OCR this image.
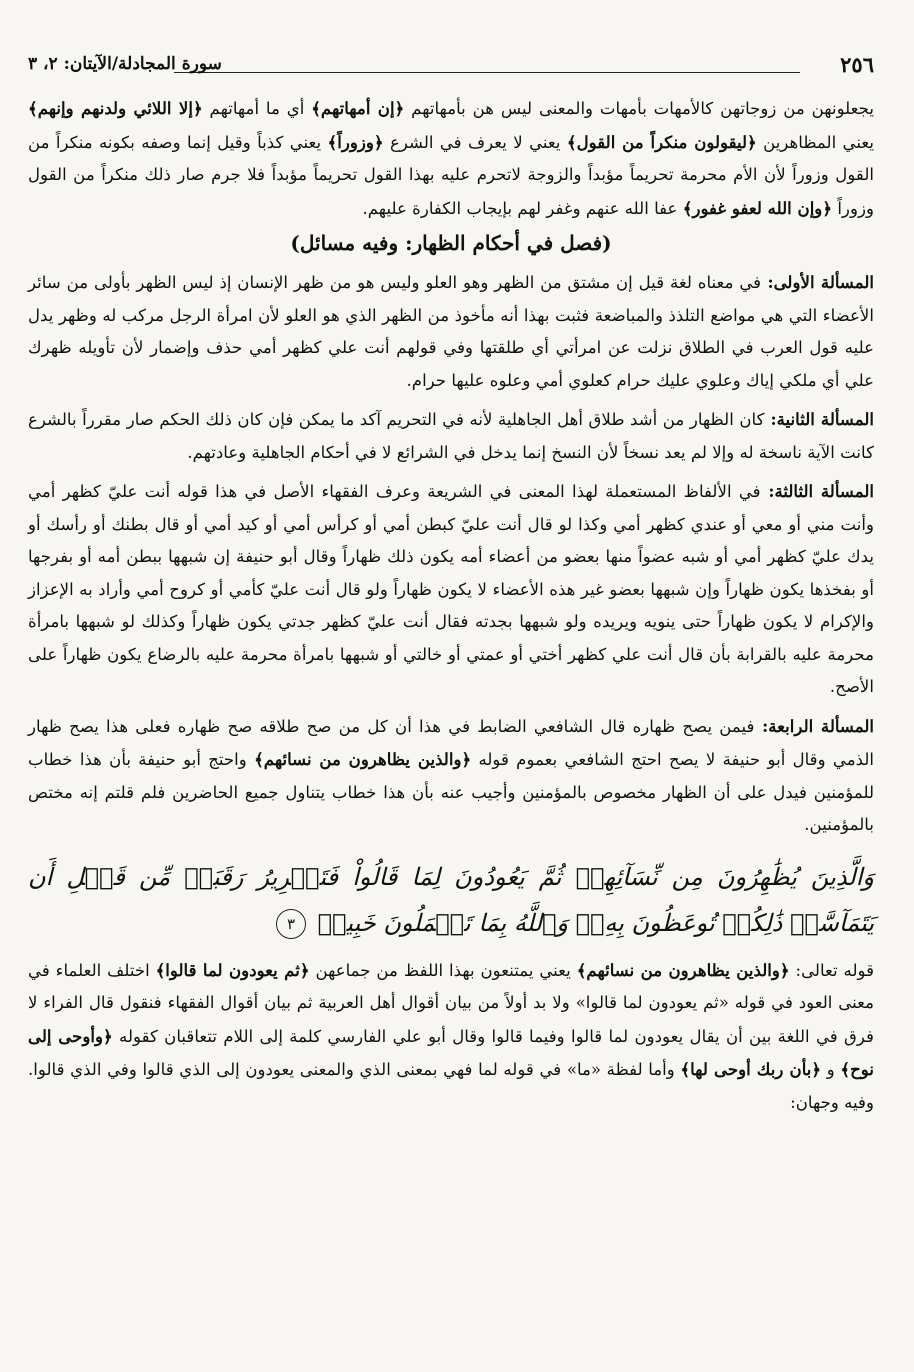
٢٥٦
سورة المجادلة/الآيتان: ٢، ٣

يجعلونهن من زوجاتهن كالأمهات بأمهات والمعنى ليس هن بأمهاتهم ﴿إن أمهاتهم﴾ أي ما أمهاتهم ﴿إلا اللائي ولدنهم وإنهم﴾ يعني المظاهرين ﴿ليقولون منكراً من القول﴾ يعني لا يعرف في الشرع ﴿وزوراً﴾ يعني كذباً وقيل إنما وصفه بكونه منكراً من القول وزوراً لأن الأم محرمة تحريماً مؤبداً والزوجة لاتحرم عليه بهذا القول تحريماً مؤبداً فلا جرم صار ذلك منكراً من القول وزوراً ﴿وإن الله لعفو غفور﴾ عفا الله عنهم وغفر لهم بإيجاب الكفارة عليهم.

(فصل في أحكام الظهار: وفيه مسائل)

المسألة الأولى: في معناه لغة قيل إن مشتق من الظهر وهو العلو وليس هو من ظهر الإنسان إذ ليس الظهر بأولى من سائر الأعضاء التي هي مواضع التلذذ والمباضعة فثبت بهذا أنه مأخوذ من الظهر الذي هو العلو لأن امرأة الرجل مركب له وظهر يدل عليه قول العرب في الطلاق نزلت عن امرأتي أي طلقتها وفي قولهم أنت علي كظهر أمي حذف وإضمار لأن تأويله ظهرك علي أي ملكي إياك وعلوي عليك حرام كعلوي أمي وعلوه عليها حرام.

المسألة الثانية: كان الظهار من أشد طلاق أهل الجاهلية لأنه في التحريم آكد ما يمكن فإن كان ذلك الحكم صار مقرراً بالشرع كانت الآية ناسخة له وإلا لم يعد نسخاً لأن النسخ إنما يدخل في الشرائع لا في أحكام الجاهلية وعادتهم.

المسألة الثالثة: في الألفاظ المستعملة لهذا المعنى في الشريعة وعرف الفقهاء الأصل في هذا قوله أنت عليّ كظهر أمي وأنت مني أو معي أو عندي كظهر أمي وكذا لو قال أنت عليّ كبطن أمي أو كرأس أمي أو كيد أمي أو قال بطنك أو رأسك أو يدك عليّ كظهر أمي أو شبه عضواً منها بعضو من أعضاء أمه يكون ذلك ظهاراً وقال أبو حنيفة إن شبهها ببطن أمه أو بفرجها أو بفخذها يكون ظهاراً وإن شبهها بعضو غير هذه الأعضاء لا يكون ظهاراً ولو قال أنت عليّ كأمي أو كروح أمي وأراد به الإعزاز والإكرام لا يكون ظهاراً حتى ينويه ويريده ولو شبهها بجدته فقال أنت عليّ كظهر جدتي يكون ظهاراً وكذلك لو شبهها بامرأة محرمة عليه بالقرابة بأن قال أنت علي كظهر أختي أو عمتي أو خالتي أو شبهها بامرأة محرمة عليه بالرضاع يكون ظهاراً على الأصح.

المسألة الرابعة: فيمن يصح ظهاره قال الشافعي الضابط في هذا أن كل من صح طلاقه صح ظهاره فعلى هذا يصح ظهار الذمي وقال أبو حنيفة لا يصح احتج الشافعي بعموم قوله ﴿والذين يظاهرون من نسائهم﴾ واحتج أبو حنيفة بأن هذا خطاب للمؤمنين فيدل على أن الظهار مخصوص بالمؤمنين وأجيب عنه بأن هذا خطاب يتناول جميع الحاضرين فلم قلتم إنه مختص بالمؤمنين.

وَالَّذِينَ يُظَٰهِرُونَ مِن نِّسَآئِهِمۡ ثُمَّ يَعُودُونَ لِمَا قَالُواْ فَتَحۡرِيرُ رَقَبَةٖ مِّن قَبۡلِ أَن يَتَمَآسَّاۚ ذَٰلِكُمۡ تُوعَظُونَ بِهِۦۚ وَٱللَّهُ بِمَا تَعۡمَلُونَ خَبِيرٞ ٣

قوله تعالى: ﴿والذين يظاهرون من نسائهم﴾ يعني يمتنعون بهذا اللفظ من جماعهن ﴿ثم يعودون لما قالوا﴾ اختلف العلماء في معنى العود في قوله «ثم يعودون لما قالوا» ولا بد أولاً من بيان أقوال أهل العربية ثم بيان أقوال الفقهاء فنقول قال الفراء لا فرق في اللغة بين أن يقال يعودون لما قالوا وفيما قالوا وقال أبو علي الفارسي كلمة إلى اللام تتعاقبان كقوله ﴿وأوحى إلى نوح﴾ و ﴿بأن ربك أوحى لها﴾ وأما لفظة «ما» في قوله لما فهي بمعنى الذي والمعنى يعودون إلى الذي قالوا وفي الذي قالوا. وفيه وجهان:
